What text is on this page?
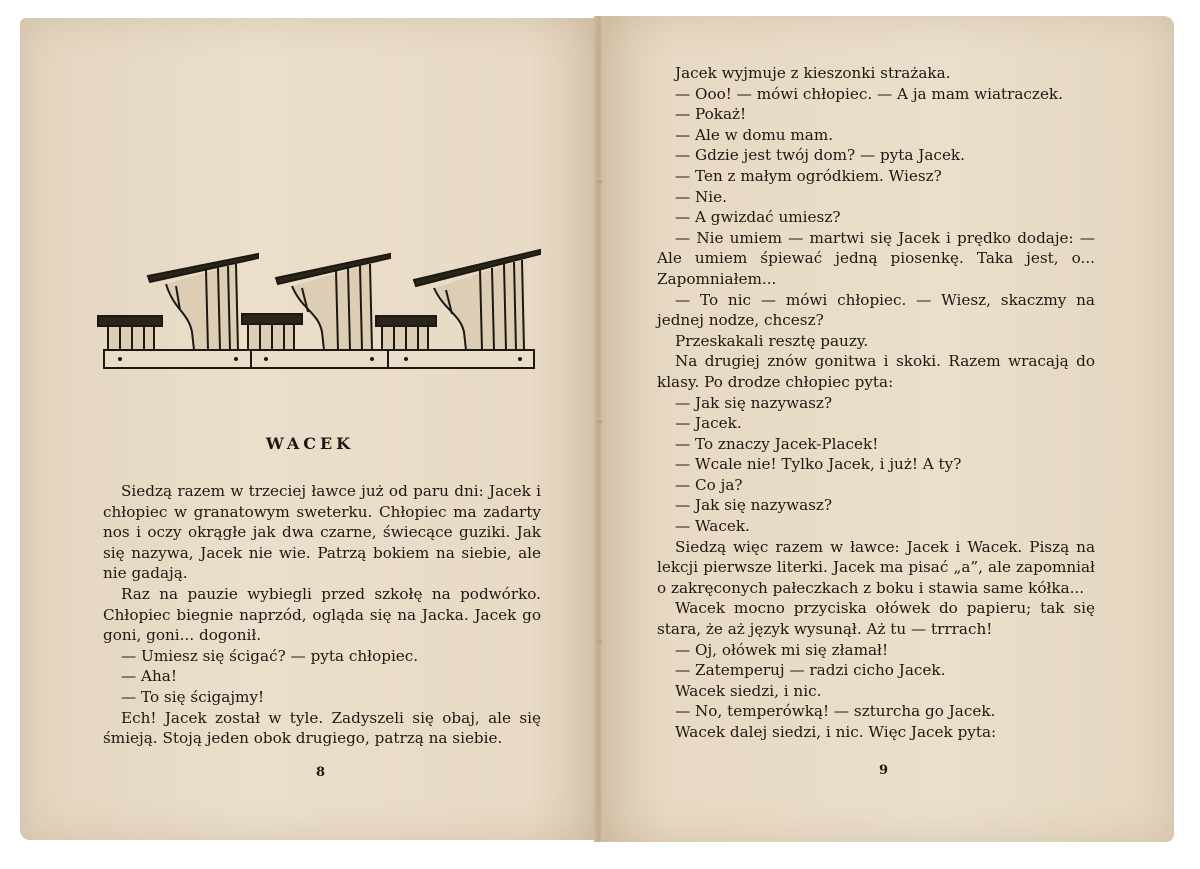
WACEK

Siedzą razem w trzeciej ławce już od paru dni: Jacek i chłopiec w granatowym sweterku. Chłopiec ma zadarty nos i oczy okrągłe jak dwa czarne, świecące guziki. Jak się nazywa, Jacek nie wie. Patrzą bokiem na siebie, ale nie gadają.

Raz na pauzie wybiegli przed szkołę na podwórko. Chłopiec biegnie naprzód, ogląda się na Jacka. Jacek go goni, goni... dogonił.

— Umiesz się ścigać? — pyta chłopiec.

— Aha!

— To się ścigajmy!

Ech! Jacek został w tyle. Zadyszeli się obaj, ale się śmieją. Stoją jeden obok drugiego, patrzą na siebie.

8

Jacek wyjmuje z kieszonki strażaka.

— Ooo! — mówi chłopiec. — A ja mam wiatraczek.

— Pokaż!

— Ale w domu mam.

— Gdzie jest twój dom? — pyta Jacek.

— Ten z małym ogródkiem. Wiesz?

— Nie.

— A gwizdać umiesz?

— Nie umiem — martwi się Jacek i prędko dodaje: — Ale umiem śpiewać jedną piosenkę. Taka jest, o... Zapomniałem...

— To nic — mówi chłopiec. — Wiesz, skaczmy na jednej nodze, chcesz?

Przeskakali resztę pauzy.

Na drugiej znów gonitwa i skoki. Razem wracają do klasy. Po drodze chłopiec pyta:

— Jak się nazywasz?

— Jacek.

— To znaczy Jacek-Placek!

— Wcale nie! Tylko Jacek, i już! A ty?

— Co ja?

— Jak się nazywasz?

— Wacek.

Siedzą więc razem w ławce: Jacek i Wacek. Piszą na lekcji pierwsze literki. Jacek ma pisać „a”, ale zapomniał o zakręconych pałeczkach z boku i stawia same kółka...

Wacek mocno przyciska ołówek do papieru; tak się stara, że aż język wysunął. Aż tu — trrrach!

— Oj, ołówek mi się złamał!

— Zatemperuj — radzi cicho Jacek.

Wacek siedzi, i nic.

— No, temperówką! — szturcha go Jacek.

Wacek dalej siedzi, i nic. Więc Jacek pyta:

9
